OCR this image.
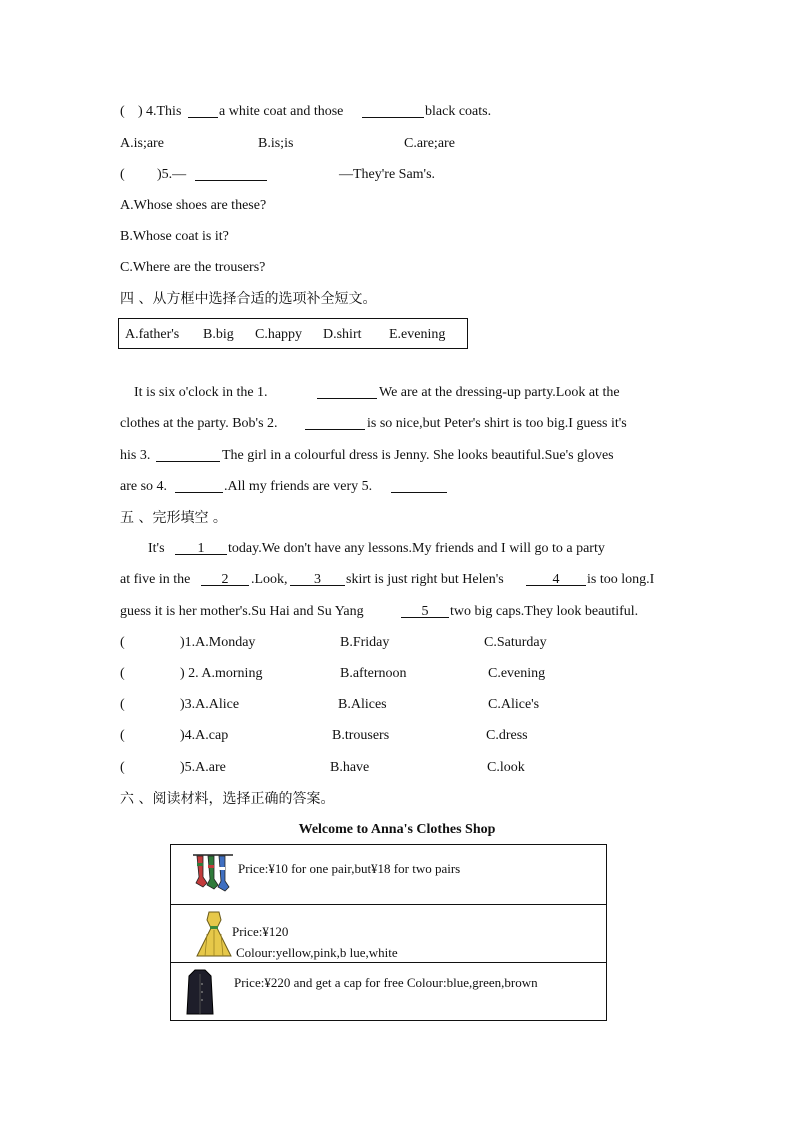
( ) 4.This	a white coat and those	black coats.
A.is;are	B.is;is	C.are;are
( )5.—	—They're Sam's.
A.Whose shoes are these?
B.Whose coat is it?
C.Where are the trousers?
四 、从方框中选择合适的选项补全短文。
A.father's B.big C.happy D.shirt E.evening
It is six o'clock in the 1.	We are at the dressing-up party.Look at the
clothes at the party. Bob's 2.	is so nice,but Peter's shirt is too big.I guess it's
his 3.	The girl in a colourful dress is Jenny. She looks beautiful.Sue's gloves
are so 4.	.All my friends are very 5.
五 、完形填空 。
It's	1	today.We don't have any lessons.My friends and I will go to a party
at five in the	2	.Look,	3	skirt is just right but Helen's	4	is too long.I
guess it is her mother's.Su Hai and Su Yang	5	two big caps.They look beautiful.
(	)1.A.Monday	B.Friday	C.Saturday
(	) 2. A.morning	B.afternoon	C.evening
(	)3.A.Alice	B.Alices	C.Alice's
(	)4.A.cap	B.trousers	C.dress
(	)5.A.are	B.have	C.look
六 、阅读材料，选择正确的答案。
Welcome to Anna's Clothes Shop
Price:¥10 for one pair,but¥18 for two pairs
Price:¥120
Colour:yellow,pink,b lue,white
Price:¥220 and get a cap for free Colour:blue,green,brown
